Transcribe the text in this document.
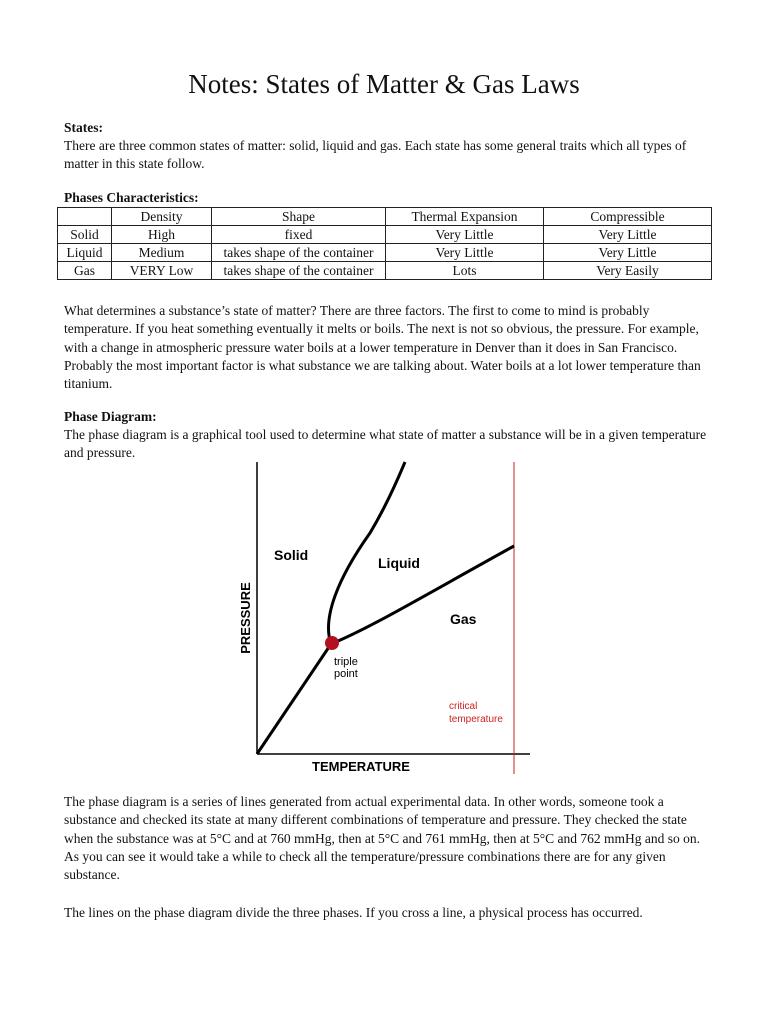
Notes: States of Matter & Gas Laws
States:
There are three common states of matter: solid, liquid and gas. Each state has some general traits which all types of matter in this state follow.
Phases Characteristics:
	Density	Shape	Thermal Expansion	Compressible
Solid	High	fixed	Very Little	Very Little
Liquid	Medium	takes shape of the container	Very Little	Very Little
Gas	VERY Low	takes shape of the container	Lots	Very Easily
What determines a substance’s state of matter? There are three factors. The first to come to mind is probably temperature. If you heat something eventually it melts or boils. The next is not so obvious, the pressure. For example, with a change in atmospheric pressure water boils at a lower temperature in Denver than it does in San Francisco. Probably the most important factor is what substance we are talking about. Water boils at a lot lower temperature than titanium.
Phase Diagram:
The phase diagram is a graphical tool used to determine what state of matter a substance will be in a given temperature and pressure.
Solid	Liquid
Gas
triple
point
critical
temperature
PRESSURE
TEMPERATURE
The phase diagram is a series of lines generated from actual experimental data. In other words, someone took a substance and checked its state at many different combinations of temperature and pressure. They checked the state when the substance was at 5°C and at 760 mmHg, then at 5°C and 761 mmHg, then at 5°C and 762 mmHg and so on. As you can see it would take a while to check all the temperature/pressure combinations there are for any given substance.
The lines on the phase diagram divide the three phases. If you cross a line, a physical process has occurred.
